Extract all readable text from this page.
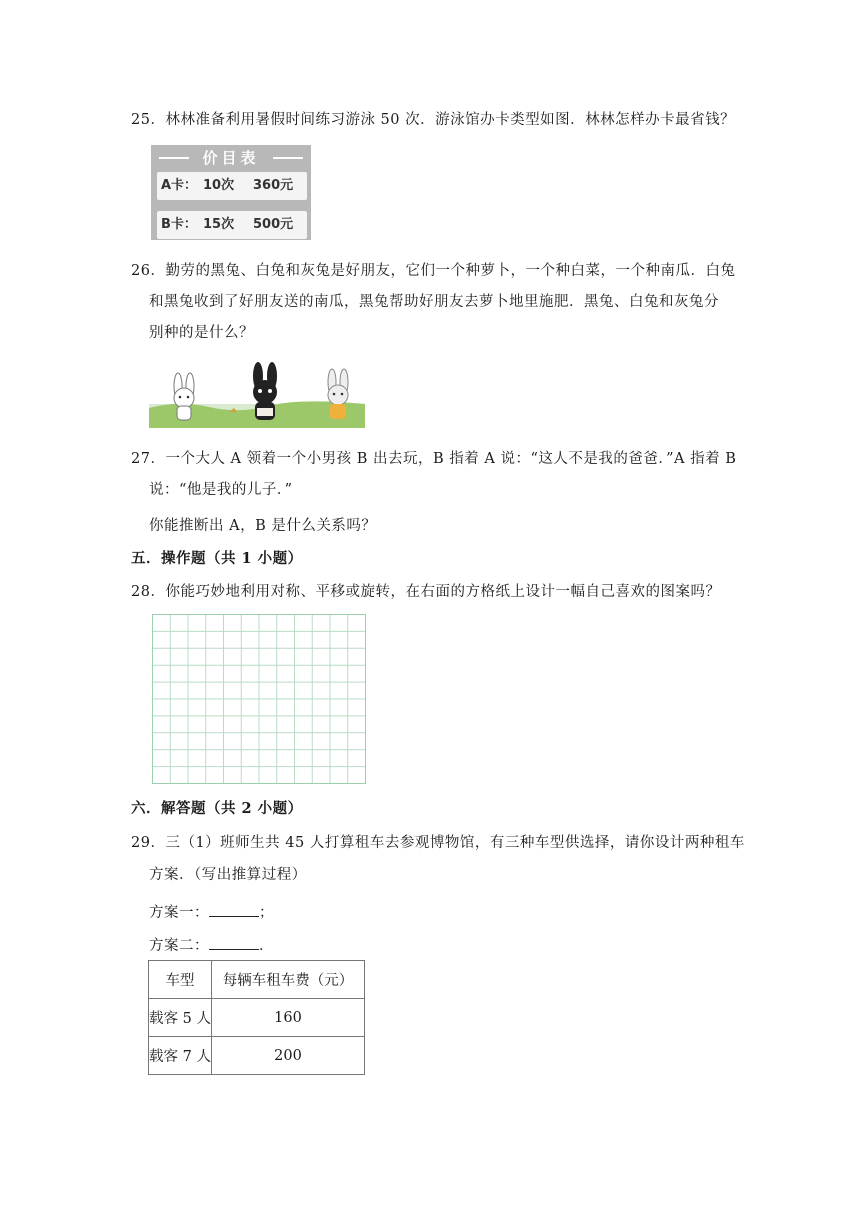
25．林林准备利用暑假时间练习游泳 50 次．游泳馆办卡类型如图．林林怎样办卡最省钱？
价目表
A卡： 10次 360元
B卡： 15次 500元
26．勤劳的黑兔、白兔和灰兔是好朋友，它们一个种萝卜，一个种白菜，一个种南瓜．白兔
和黑兔收到了好朋友送的南瓜，黑兔帮助好朋友去萝卜地里施肥．黑兔、白兔和灰兔分
别种的是什么？
27．一个大人 A 领着一个小男孩 B 出去玩，B 指着 A 说：“这人不是我的爸爸．”A 指着 B
说：“他是我的儿子．”
你能推断出 A，B 是什么关系吗？
五．操作题（共 1 小题）
28．你能巧妙地利用对称、平移或旋转，在右面的方格纸上设计一幅自己喜欢的图案吗？
六．解答题（共 2 小题）
29．三（1）班师生共 45 人打算租车去参观博物馆，有三种车型供选择，请你设计两种租车
方案．（写出推算过程）
方案一：	；
方案二：	．
车型	每辆车租车费（元）
载客 5 人	160
载客 7 人	200
